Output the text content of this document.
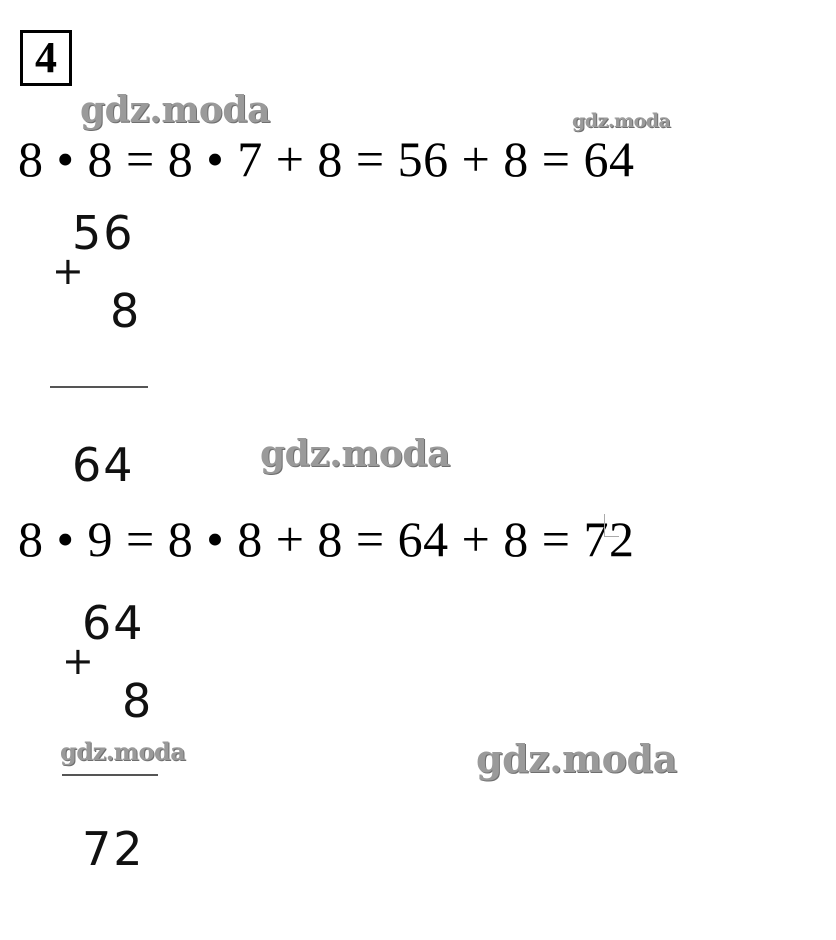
4
gdz.moda	gdz.moda
8 • 8 = 8 • 7 + 8 = 56 + 8 = 64
56
+
8
64	gdz.moda
8 • 9 = 8 • 8 + 8 = 64 + 8 = 72
64
+
8
72
gdz.moda	gdz.moda
